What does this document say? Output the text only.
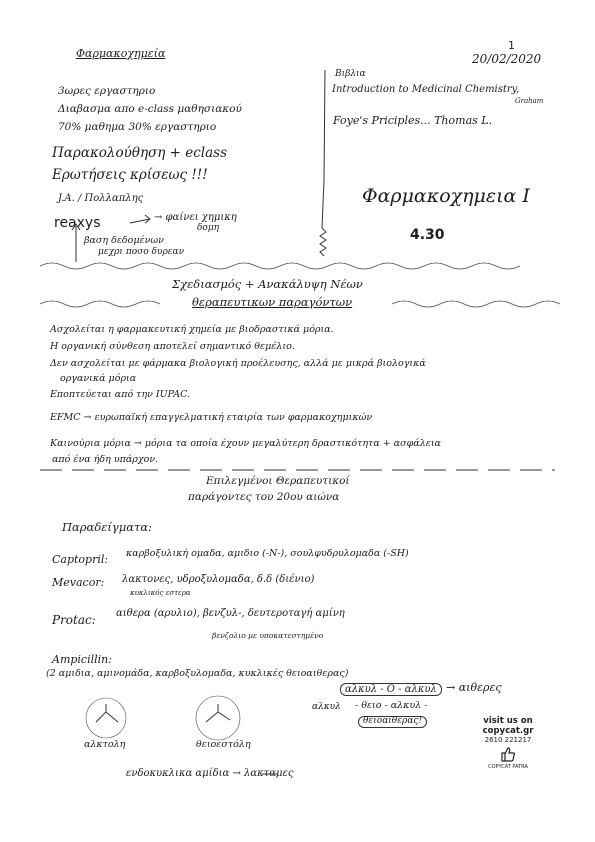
Φαρμακοχημεία
1
20/02/2020
3ωρες εργαστηριο
Διαβασμα απο e-class μαθησιακού
70% μαθημα 30% εργαστηριο
Παρακολούθηση + eclass
Ερωτήσεις κρίσεως !!!
J.A. / Πολλαπλης
reaxys	→ φαίνει χημικη
δομη
βαση δεδομένων
μεχρι ποσο δυρεαν
Βιβλια
Introduction to Medicinal Chemistry,
Graham
Foye's Priciples... Thomas L.
Φαρμακοχημεια I
4.30
Σχεδιασμός + Ανακάλυψη Νέων
θεραπευτικων παραγόντων
Ασχολείται η φαρμακευτική χημεία με βιοδραστικά μόρια.
Η οργανική σύνθεση αποτελεί σημαντικό θεμέλιο.
Δεν ασχολείται με φάρμακα βιολογική προέλευσης, αλλά με μικρά βιολογικά
οργανικά μόρια
Εποπτεύεται από την IUPAC.
EFMC → ευρωπαϊκή επαγγελματική εταιρία των φαρμακοχημικών
Καινούρια μόρια → μόρια τα οποία έχουν μεγαλύτερη δραστικότητα + ασφάλεια
από ένα ήδη υπάρχον.
Επιλεγμένοι Θεραπευτικοί
παράγοντες του 20ου αιώνα
Παραδείγματα:
Captopril: καρβοξυλική ομαδα, αμιδιο (-N-), σουλφυδρυλομαδα (-SH)
Mevacor: λακτονες, υδροξυλομαδα, δ.δ (διένιο)
κυκλικός εστερα
Protac: αιθερα (αρυλιο), βενζυλ-, δευτεροταγή αμίνη
βενζολιο με υποκατεστημένο
Ampicillin:
(2 αμιδια, αμινομάδα, καρβοξυλομαδα, κυκλικές θειοαιθερας)
αλκυλ - O - αλκυλ → αιθερες
αλκυλ - θειο - αλκυλ -
θειοαιθερας!
αλκτολη	θειοεστόλη
ενδοκυκλικα αμίδια → λακταμες
visit us on
copycat.gr
2610 221217
COPYCAT PATRA
